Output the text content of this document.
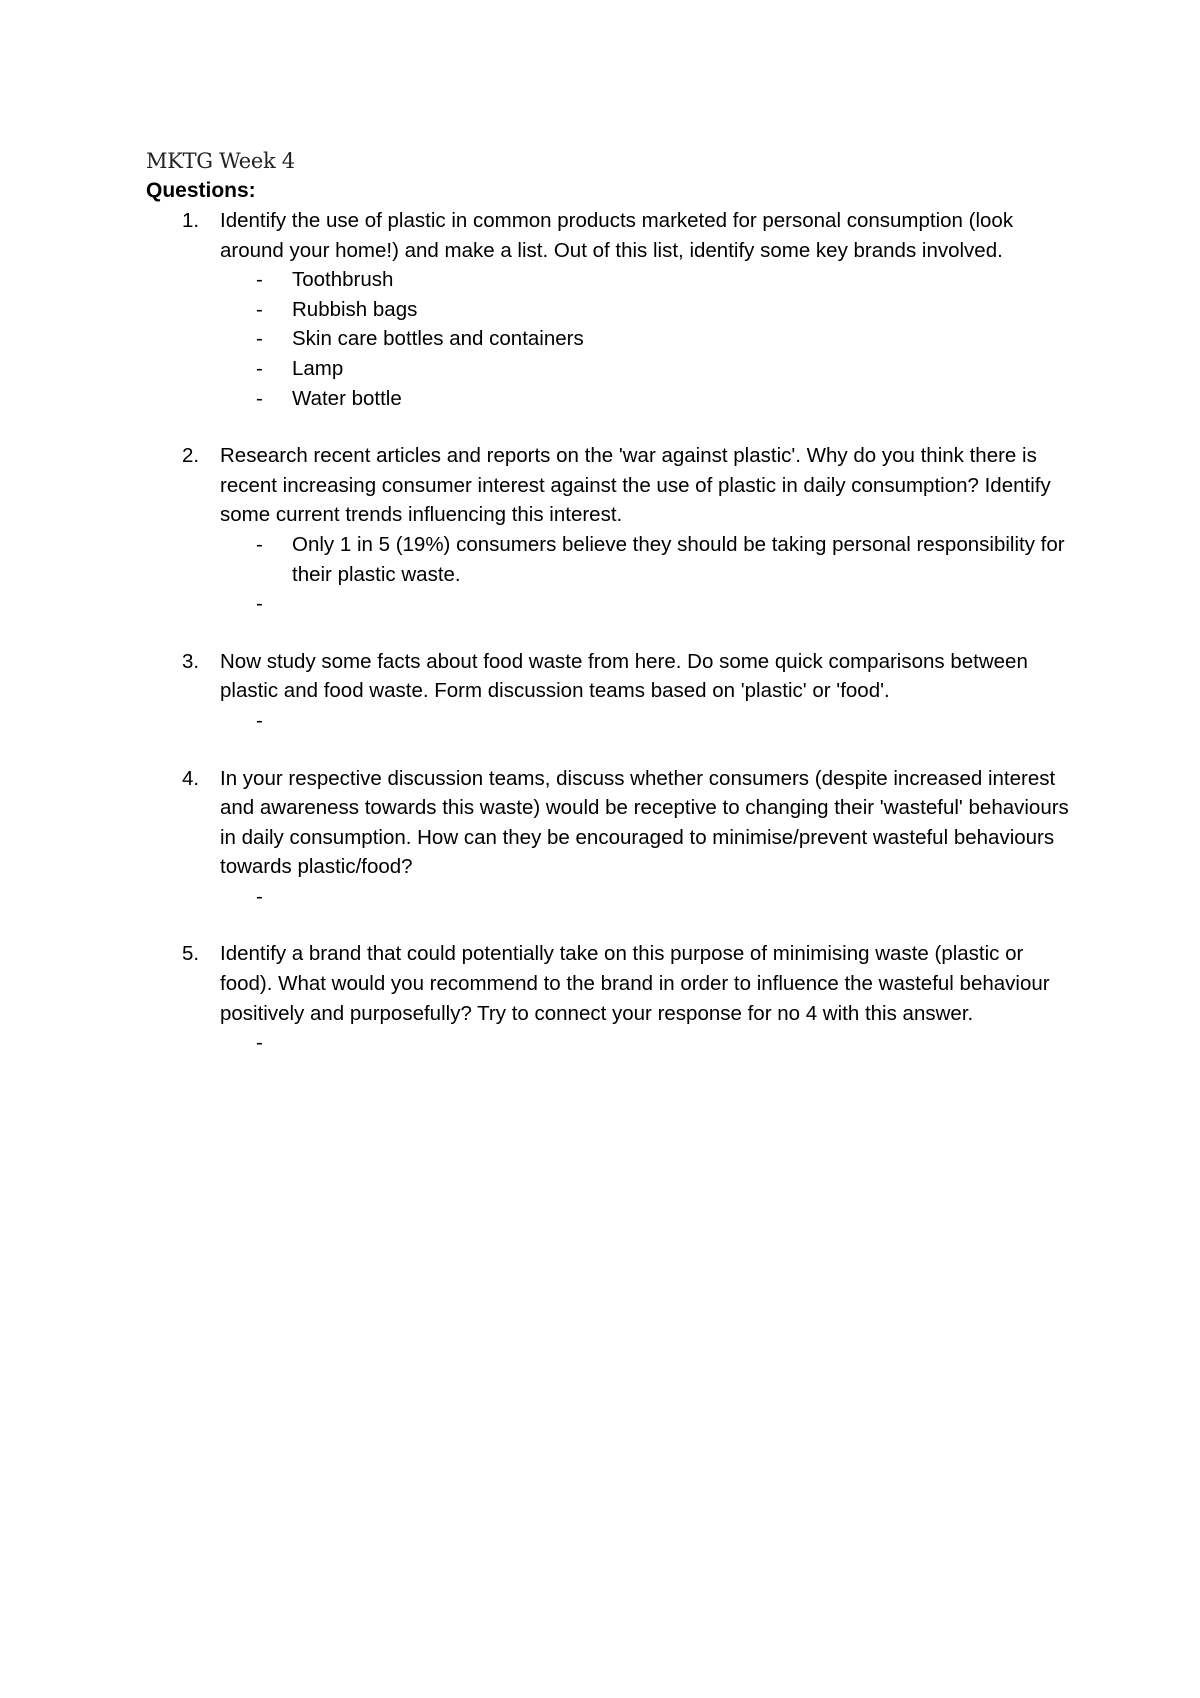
MKTG Week 4

Questions:

1. Identify the use of plastic in common products marketed for personal consumption (look around your home!) and make a list. Out of this list, identify some key brands involved.
- Toothbrush
- Rubbish bags
- Skin care bottles and containers
- Lamp
- Water bottle
2. Research recent articles and reports on the 'war against plastic'. Why do you think there is recent increasing consumer interest against the use of plastic in daily consumption? Identify some current trends influencing this interest.
- Only 1 in 5 (19%) consumers believe they should be taking personal responsibility for their plastic waste.
-
3. Now study some facts about food waste from here. Do some quick comparisons between plastic and food waste. Form discussion teams based on 'plastic' or 'food'.
-
4. In your respective discussion teams, discuss whether consumers (despite increased interest and awareness towards this waste) would be receptive to changing their 'wasteful' behaviours in daily consumption. How can they be encouraged to minimise/prevent wasteful behaviours towards plastic/food?
-
5. Identify a brand that could potentially take on this purpose of minimising waste (plastic or food). What would you recommend to the brand in order to influence the wasteful behaviour positively and purposefully? Try to connect your response for no 4 with this answer.
-
